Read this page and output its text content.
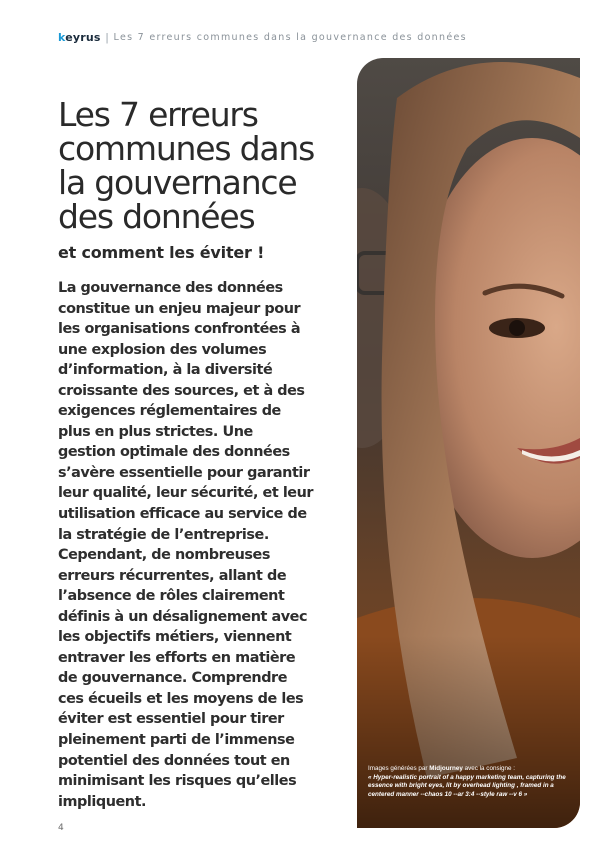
keyrus | Les 7 erreurs communes dans la gouvernance des données
Les 7 erreurs communes dans la gouvernance des données
et comment les éviter !

La gouvernance des données constitue un enjeu majeur pour les organisations confrontées à une explosion des volumes d’information, à la diversité croissante des sources, et à des exigences réglementaires de plus en plus strictes. Une gestion optimale des données s’avère essentielle pour garantir leur qualité, leur sécurité, et leur utilisation efficace au service de la stratégie de l’entreprise. Cependant, de nombreuses erreurs récurrentes, allant de l’absence de rôles clairement définis à un désalignement avec les objectifs métiers, viennent entraver les efforts en matière de gouvernance. Comprendre ces écueils et les moyens de les éviter est essentiel pour tirer pleinement parti de l’immense potentiel des données tout en minimisant les risques qu’elles impliquent.

Images générées par Midjourney avec la consigne :
« Hyper-realistic portrait of a happy marketing team, capturing the essence with bright eyes, lit by overhead lighting , framed in a centered manner --chaos 10 --ar 3:4 --style raw --v 6 »

4
